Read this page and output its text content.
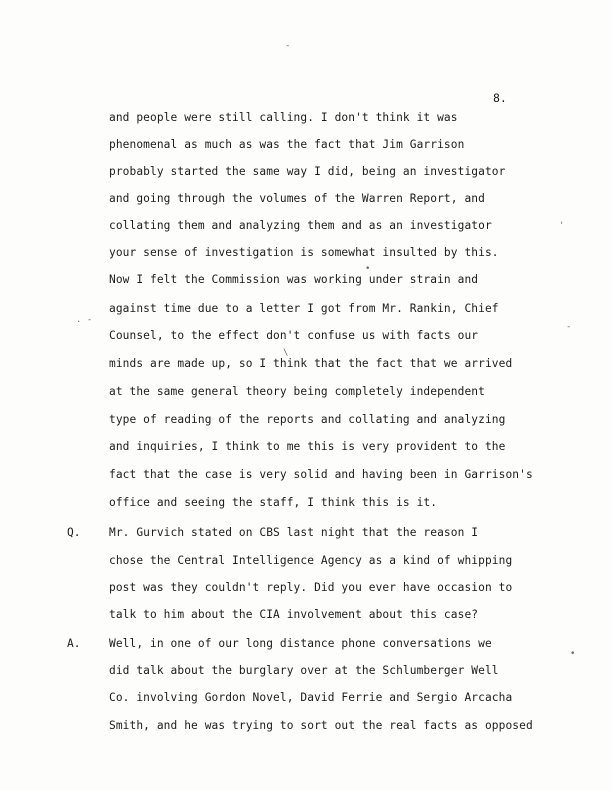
8.
and people were still calling. I don't think it was
phenomenal as much as was the fact that Jim Garrison
probably started the same way I did, being an investigator
and going through the volumes of the Warren Report, and
collating them and analyzing them and as an investigator
your sense of investigation is somewhat insulted by this.
Now I felt the Commission was working under strain and
against time due to a letter I got from Mr. Rankin, Chief
Counsel, to the effect don't confuse us with facts our
minds are made up, so I think that the fact that we arrived
at the same general theory being completely independent
type of reading of the reports and collating and analyzing
and inquiries, I think to me this is very provident to the
fact that the case is very solid and having been in Garrison's
office and seeing the staff, I think this is it.
Q.	Mr. Gurvich stated on CBS last night that the reason I
chose the Central Intelligence Agency as a kind of whipping
post was they couldn't reply. Did you ever have occasion to
talk to him about the CIA involvement about this case?
A.	Well, in one of our long distance phone conversations we
did talk about the burglary over at the Schlumberger Well
Co. involving Gordon Novel, David Ferrie and Sergio Arcacha
Smith, and he was trying to sort out the real facts as opposed
-
'
•
. -
-
\
•
